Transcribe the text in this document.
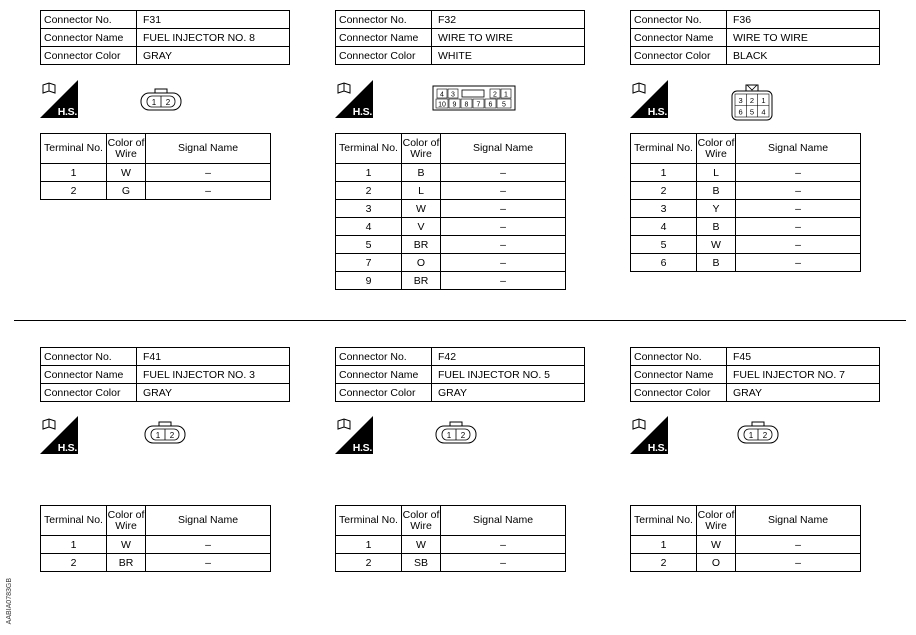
Connector No.	F31
Connector Name	FUEL INJECTOR NO. 8
Connector Color	GRAY
H.S.
1 2
Terminal No.	Color of Wire	Signal Name
1	W	–
2	G	–
Connector No.	F32
Connector Name	WIRE TO WIRE
Connector Color	WHITE
H.S.
4 3	2 1
10 9 8 7 6 5
Terminal No.	Color of Wire	Signal Name
1	B	–
2	L	–
3	W	–
4	V	–
5	BR	–
7	O	–
9	BR	–
Connector No.	F36
Connector Name	WIRE TO WIRE
Connector Color	BLACK
H.S.
3 2 1
6 5 4
Terminal No.	Color of Wire	Signal Name
1	L	–
2	B	–
3	Y	–
4	B	–
5	W	–
6	B	–
Connector No.	F41
Connector Name	FUEL INJECTOR NO. 3
Connector Color	GRAY
H.S.
1 2
Terminal No.	Color of Wire	Signal Name
1	W	–
2	BR	–
Connector No.	F42
Connector Name	FUEL INJECTOR NO. 5
Connector Color	GRAY
H.S.
1 2
Terminal No.	Color of Wire	Signal Name
1	W	–
2	SB	–
Connector No.	F45
Connector Name	FUEL INJECTOR NO. 7
Connector Color	GRAY
H.S.
1 2
Terminal No.	Color of Wire	Signal Name
1	W	–
2	O	–
AABIA0783GB
